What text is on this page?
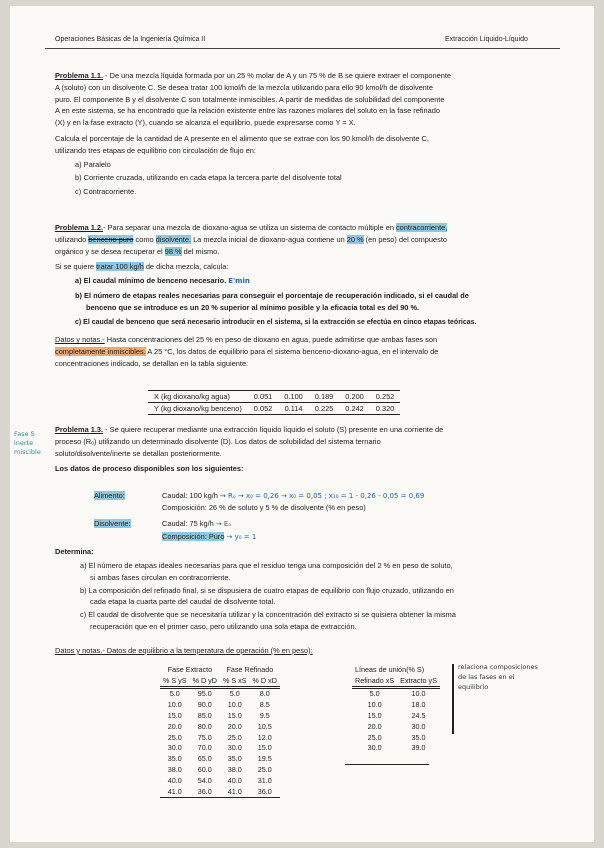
Operaciones Básicas de la Ingeniería Química II	Extracción Líquido-Líquido
Problema 1.1. - De una mezcla líquida formada por un 25 % molar de A y un 75 % de B se quiere extraer el componente
A (soluto) con un disolvente C. Se desea tratar 100 kmol/h de la mezcla utilizando para ello 90 kmol/h de disolvente
puro. El componente B y el disolvente C son totalmente inmiscibles. A partir de medidas de solubilidad del componente
A en este sistema, se ha encontrado que la relación existente entre las razones molares del soluto en la fase refinado
(X) y en la fase extracto (Y), cuando se alcanza el equilibrio, puede expresarse como Y = X.
Calcula el porcentaje de la cantidad de A presente en el alimento que se extrae con los 90 kmol/h de disolvente C,
utilizando tres etapas de equilibrio con circulación de flujo en:
a) Paralelo
b) Corriente cruzada, utilizando en cada etapa la tercera parte del disolvente total
c) Contracorriente.
Problema 1.2.- Para separar una mezcla de dioxano-agua se utiliza un sistema de contacto múltiple en contracorriente,
utilizando benceno puro como disolvente. La mezcla inicial de dioxano-agua contiene un 20 % (en peso) del compuesto
orgánico y se desea recuperar el 98 % del mismo.
Si se quiere tratar 100 kg/h de dicha mezcla, calcula:
a) El caudal mínimo de benceno necesario. E'min
b) El número de etapas reales necesarias para conseguir el porcentaje de recuperación indicado, si el caudal de
benceno que se introduce es un 20 % superior al mínimo posible y la eficacia total es del 90 %.
c) El caudal de benceno que será necesario introducir en el sistema, si la extracción se efectúa en cinco etapas teóricas.
Datos y notas.- Hasta concentraciones del 25 % en peso de dioxano en agua, puede admitirse que ambas fases son
completamente inmiscibles. A 25 °C, los datos de equilibrio para el sistema benceno-dioxano-agua, en el intervalo de
concentraciones indicado, se detallan en la tabla siguiente:
X (kg dioxano/kg agua)	0.051	0.100	0.189	0.200	0.252
Y (kg dioxano/kg benceno)	0.052	0.114	0.225	0.242	0.320
Fase S
inerte
miscible
Problema 1.3. - Se quiere recuperar mediante una extracción líquido líquido el soluto (S) presente en una corriente de
proceso (Rₒ) utilizando un determinado disolvente (D). Los datos de solubilidad del sistema ternario
soluto/disolvente/inerte se detallan posteriormente.
Los datos de proceso disponibles son los siguientes:
Alimento:	Caudal: 100 kg/h → Rₒ → x₀ = 0,26 → x₀ = 0,05 ; x₁₀ = 1 - 0,26 - 0,05 = 0,69
Composición: 26 % de soluto y 5 % de disolvente (% en peso)
Disolvente:	Caudal: 75 kg/h → Eₒ
Composición: Puro → y₀ = 1
Determina:
a) El número de etapas ideales necesarias para que el residuo tenga una composición del 2 % en peso de soluto,
si ambas fases circulan en contracorriente.
b) La composición del refinado final, si se dispusiera de cuatro etapas de equilibrio con flujo cruzado, utilizando en
cada etapa la cuarta parte del caudal de disolvente total.
c) El caudal de disolvente que se necesitaría utilizar y la concentración del extracto si se quisiera obtener la misma
recuperación que en el primer caso, pero utilizando una sola etapa de extracción.
Datos y notas.- Datos de equilibrio a la temperatura de operación (% en peso):
Fase Extracto		Fase Refinado	
% S yS	% D yD	% S xS	% D xD
5.0	95.0	5.0	8.0
10.0	90.0	10.0	8.5
15.0	85.0	15.0	9.5
20.0	80.0	20.0	10.5
25.0	75.0	25.0	12.0
30.0	70.0	30.0	15.0
35.0	65.0	35.0	19.5
38.0	60.0	38.0	25.0
40.0	54.0	40.0	31.0
41.0	36.0	41.0	36.0
Líneas de unión(% S)	
Refinado xS	Extracto yS
5.0	10.0
10.0	18.0
15.0	24.5
20.0	30.0
25.0	35.0
30.0	39.0
relaciona composiciones
de las fases en el
equilibrio
